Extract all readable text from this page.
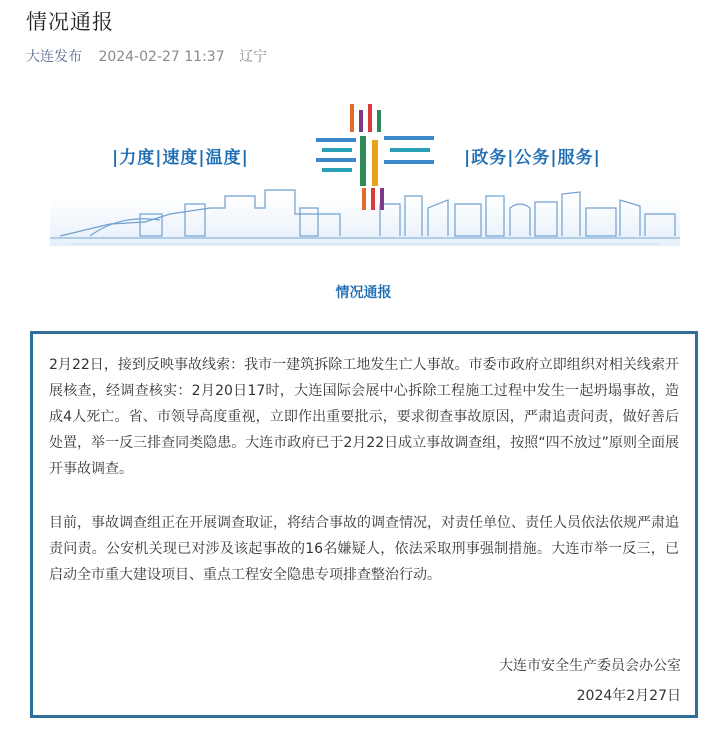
情况通报
大连发布 2024-02-27 11:37 辽宁
|力度|速度|温度|	|政务|公务|服务|
情况通报

2月22日，接到反映事故线索：我市一建筑拆除工地发生亡人事故。市委市政府立即组织对相关线索开展核查，经调查核实：2月20日17时，大连国际会展中心拆除工程施工过程中发生一起坍塌事故，造成4人死亡。省、市领导高度重视，立即作出重要批示，要求彻查事故原因，严肃追责问责，做好善后处置，举一反三排查同类隐患。大连市政府已于2月22日成立事故调查组，按照“四不放过”原则全面展开事故调查。

目前，事故调查组正在开展调查取证，将结合事故的调查情况，对责任单位、责任人员依法依规严肃追责问责。公安机关现已对涉及该起事故的16名嫌疑人，依法采取刑事强制措施。大连市举一反三，已启动全市重大建设项目、重点工程安全隐患专项排查整治行动。

大连市安全生产委员会办公室
2024年2月27日
